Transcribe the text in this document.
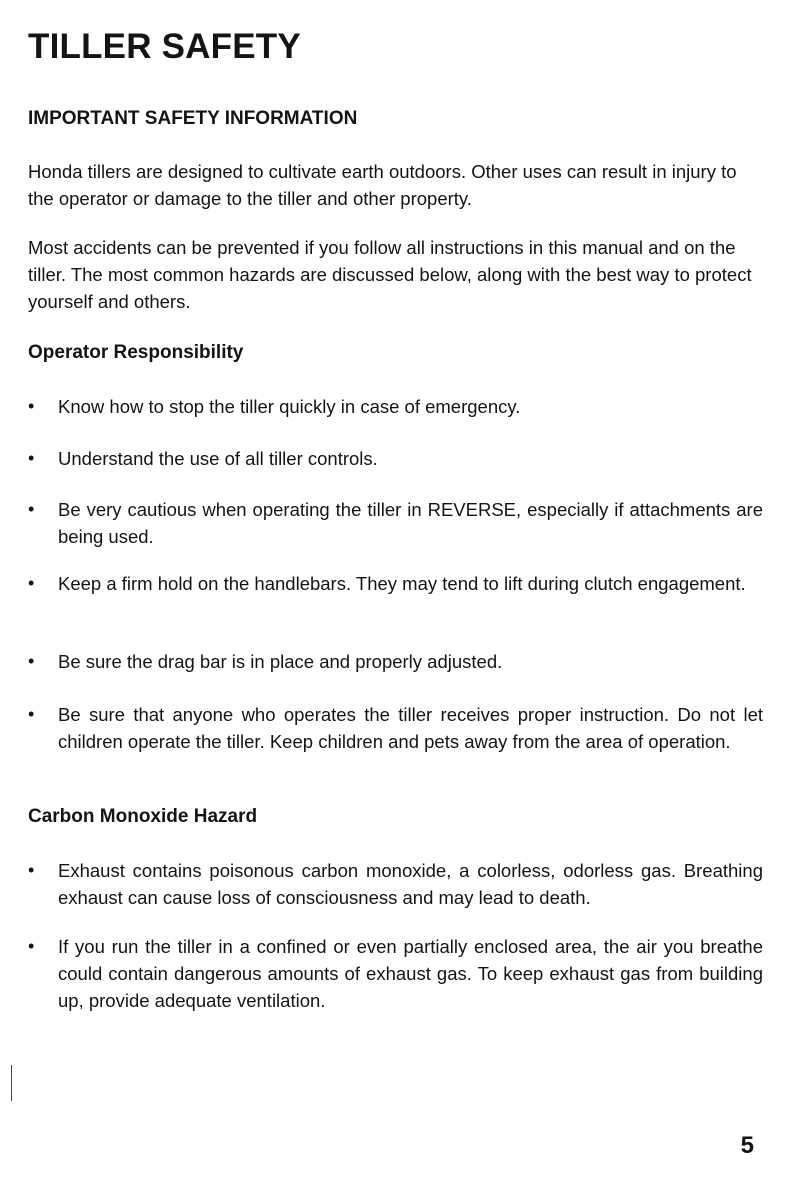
TILLER SAFETY
IMPORTANT SAFETY INFORMATION

Honda tillers are designed to cultivate earth outdoors. Other uses can result in injury to the operator or damage to the tiller and other property.

Most accidents can be prevented if you follow all instructions in this manual and on the tiller. The most common hazards are discussed below, along with the best way to protect yourself and others.

Operator Responsibility
•	Know how to stop the tiller quickly in case of emergency.
•	Understand the use of all tiller controls.
•	Be very cautious when operating the tiller in REVERSE, especially if attachments are being used.
•	Keep a firm hold on the handlebars. They may tend to lift during clutch engagement.
•	Be sure the drag bar is in place and properly adjusted.
•	Be sure that anyone who operates the tiller receives proper instruction. Do not let children operate the tiller. Keep children and pets away from the area of operation.
Carbon Monoxide Hazard
•	Exhaust contains poisonous carbon monoxide, a colorless, odorless gas. Breathing exhaust can cause loss of consciousness and may lead to death.
•	If you run the tiller in a confined or even partially enclosed area, the air you breathe could contain dangerous amounts of exhaust gas. To keep exhaust gas from building up, provide adequate ventilation.
5
